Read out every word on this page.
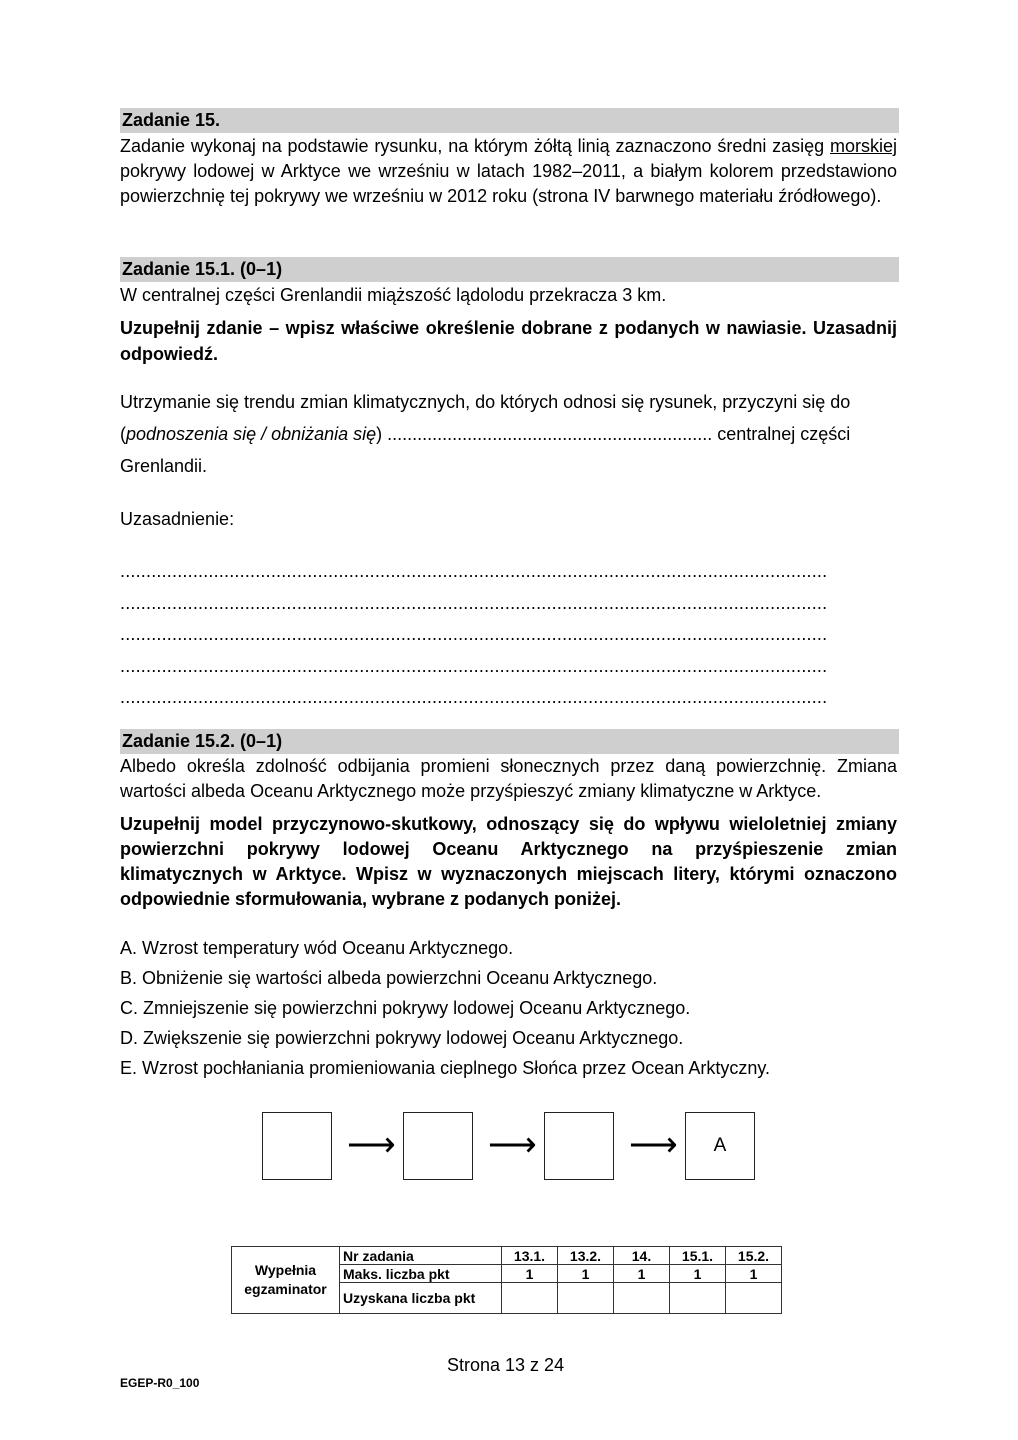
Zadanie 15.
Zadanie wykonaj na podstawie rysunku, na którym żółtą linią zaznaczono średni zasięg morskiej pokrywy lodowej w Arktyce we wrześniu w latach 1982–2011, a białym kolorem przedstawiono powierzchnię tej pokrywy we wrześniu w 2012 roku (strona IV barwnego materiału źródłowego).
Zadanie 15.1. (0–1)
W centralnej części Grenlandii miąższość lądolodu przekracza 3 km.
Uzupełnij zdanie – wpisz właściwe określenie dobrane z podanych w nawiasie. Uzasadnij odpowiedź.
Utrzymanie się trendu zmian klimatycznych, do których odnosi się rysunek, przyczyni się do
(podnoszenia się / obniżania się) ................................................................. centralnej części
Grenlandii.
Uzasadnienie:
........................................................................................................................................
........................................................................................................................................
........................................................................................................................................
........................................................................................................................................
........................................................................................................................................
Zadanie 15.2. (0–1)
Albedo określa zdolność odbijania promieni słonecznych przez daną powierzchnię. Zmiana wartości albeda Oceanu Arktycznego może przyśpieszyć zmiany klimatyczne w Arktyce.
Uzupełnij model przyczynowo-skutkowy, odnoszący się do wpływu wieloletniej zmiany powierzchni pokrywy lodowej Oceanu Arktycznego na przyśpieszenie zmian klimatycznych w Arktyce. Wpisz w wyznaczonych miejscach litery, którymi oznaczono odpowiednie sformułowania, wybrane z podanych poniżej.
A. Wzrost temperatury wód Oceanu Arktycznego.
B. Obniżenie się wartości albeda powierzchni Oceanu Arktycznego.
C. Zmniejszenie się powierzchni pokrywy lodowej Oceanu Arktycznego.
D. Zwiększenie się powierzchni pokrywy lodowej Oceanu Arktycznego.
E. Wzrost pochłaniania promieniowania cieplnego Słońca przez Ocean Arktyczny.
⟶	⟶	⟶	A
Wypełnia egzaminator	Nr zadania	13.1.	13.2.	14.	15.1.	15.2.
	Maks. liczba pkt	1	1	1	1	1
	Uzyskana liczba pkt					
Strona 13 z 24
EGEP-R0_100
